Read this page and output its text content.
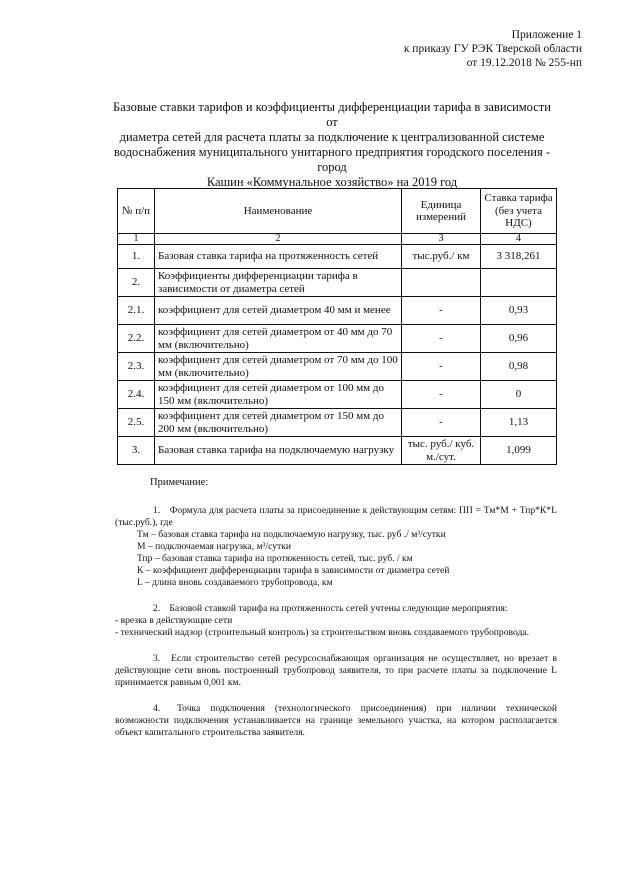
Приложение 1
к приказу ГУ РЭК Тверской области
от 19.12.2018 № 255-нп
Базовые ставки тарифов и коэффициенты дифференциации тарифа в зависимости от
диаметра сетей для расчета платы за подключение к централизованной системе
водоснабжения муниципального унитарного предприятия городского поселения - город
Кашин «Коммунальное хозяйство» на 2019 год
№ п/п	Наименование	Единица измерений	Ставка тарифа (без учета НДС)
1	2	3	4
1.	Базовая ставка тарифа на протяженность сетей	тыс.руб./ км	3 318,261
2.	Коэффициенты дифференциации тарифа в зависимости от диаметра сетей		
2.1.	коэффициент для сетей диаметром 40 мм и менее	-	0,93
2.2.	коэффициент для сетей диаметром от 40 мм до 70 мм (включительно)	-	0,96
2.3.	коэффициент для сетей диаметром от 70 мм до 100 мм (включительно)	-	0,98
2.4.	коэффициент для сетей диаметром от 100 мм до 150 мм (включительно)	-	0
2.5.	коэффициент для сетей диаметром от 150 мм до 200 мм (включительно)	-	1,13
3.	Базовая ставка тарифа на подключаемую нагрузку	тыс. руб./ куб. м./сут.	1,099
Примечание:
1. Формула для расчета платы за присоединение к действующим сетям: ПП = Тм*М + Тпр*К*L (тыс.руб.), где
Тм – базовая ставка тарифа на подключаемую нагрузку, тыс. руб ./ м³/сутки
М – подключаемая нагрузка, м³/сутки
Тпр – базовая ставка тарифа на протяженность сетей, тыс. руб. / км
К – коэффициент дифференциации тарифа в зависимости от диаметра сетей
L – длина вновь создаваемого трубопровода, км
2. Базовой ставкой тарифа на протяженность сетей учтены следующие мероприятия:
- врезка в действующие сети
- технический надзор (строительный контроль) за строительством вновь создаваемого трубопровода.
3. Если строительство сетей ресурсоснабжающая организация не осуществляет, но врезает в действующие сети вновь построенный трубопровод заявителя, то при расчете платы за подключение L принимается равным 0,001 км.
4. Точка подключения (технологического присоединения) при наличии технической возможности подключения устанавливается на границе земельного участка, на котором располагается объект капитального строительства заявителя.
